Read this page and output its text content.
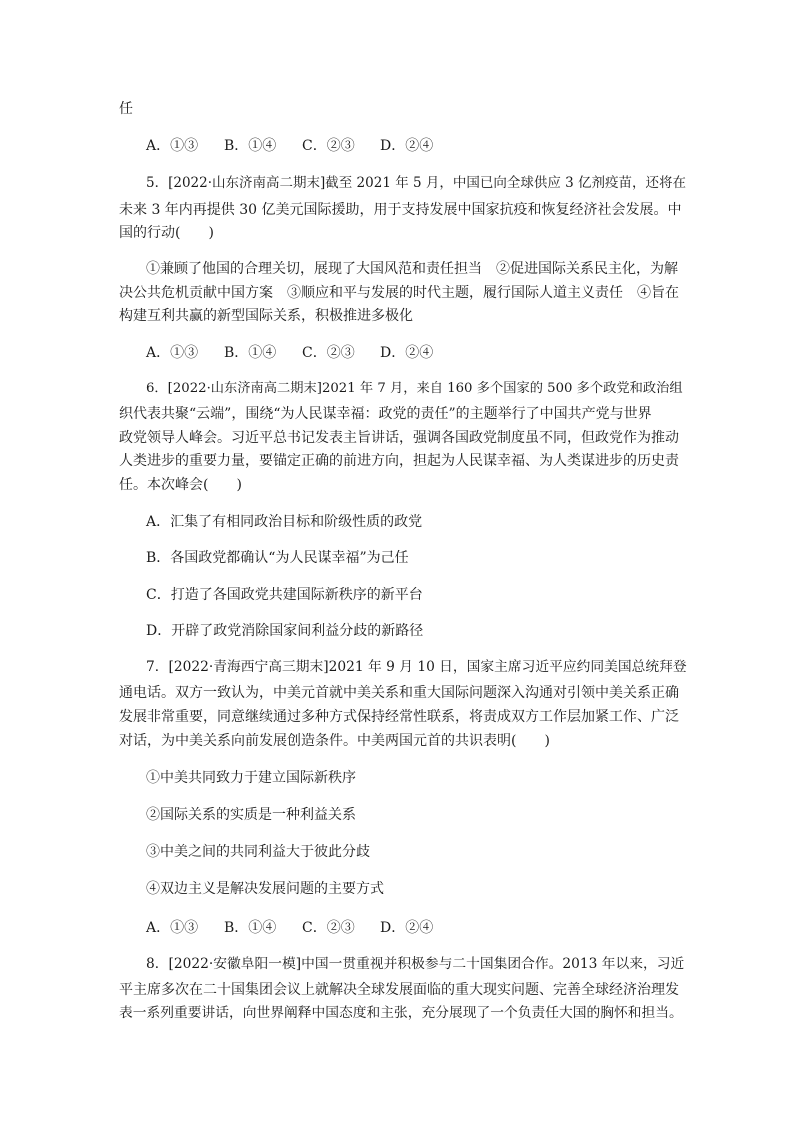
任
A．①③ B．①④ C．②③ D．②④
5．[2022·山东济南高二期末]截至 2021 年 5 月，中国已向全球供应 3 亿剂疫苗，还将在
未来 3 年内再提供 30 亿美元国际援助，用于支持发展中国家抗疫和恢复经济社会发展。中
国的行动(　　)
①兼顾了他国的合理关切，展现了大国风范和责任担当　②促进国际关系民主化，为解
决公共危机贡献中国方案　③顺应和平与发展的时代主题，履行国际人道主义责任　④旨在
构建互利共赢的新型国际关系，积极推进多极化
A．①③ B．①④ C．②③ D．②④
6．[2022·山东济南高二期末]2021 年 7 月，来自 160 多个国家的 500 多个政党和政治组
织代表共聚“云端”，围绕“为人民谋幸福：政党的责任”的主题举行了中国共产党与世界
政党领导人峰会。习近平总书记发表主旨讲话，强调各国政党制度虽不同，但政党作为推动
人类进步的重要力量，要锚定正确的前进方向，担起为人民谋幸福、为人类谋进步的历史责
任。本次峰会(　　)
A．汇集了有相同政治目标和阶级性质的政党
B．各国政党都确认“为人民谋幸福”为己任
C．打造了各国政党共建国际新秩序的新平台
D．开辟了政党消除国家间利益分歧的新路径
7．[2022·青海西宁高三期末]2021 年 9 月 10 日，国家主席习近平应约同美国总统拜登
通电话。双方一致认为，中美元首就中美关系和重大国际问题深入沟通对引领中美关系正确
发展非常重要，同意继续通过多种方式保持经常性联系，将责成双方工作层加紧工作、广泛
对话，为中美关系向前发展创造条件。中美两国元首的共识表明(　　)
①中美共同致力于建立国际新秩序
②国际关系的实质是一种利益关系
③中美之间的共同利益大于彼此分歧
④双边主义是解决发展问题的主要方式
A．①③ B．①④ C．②③ D．②④
8．[2022·安徽阜阳一模]中国一贯重视并积极参与二十国集团合作。2013 年以来，习近
平主席多次在二十国集团会议上就解决全球发展面临的重大现实问题、完善全球经济治理发
表一系列重要讲话，向世界阐释中国态度和主张，充分展现了一个负责任大国的胸怀和担当。
